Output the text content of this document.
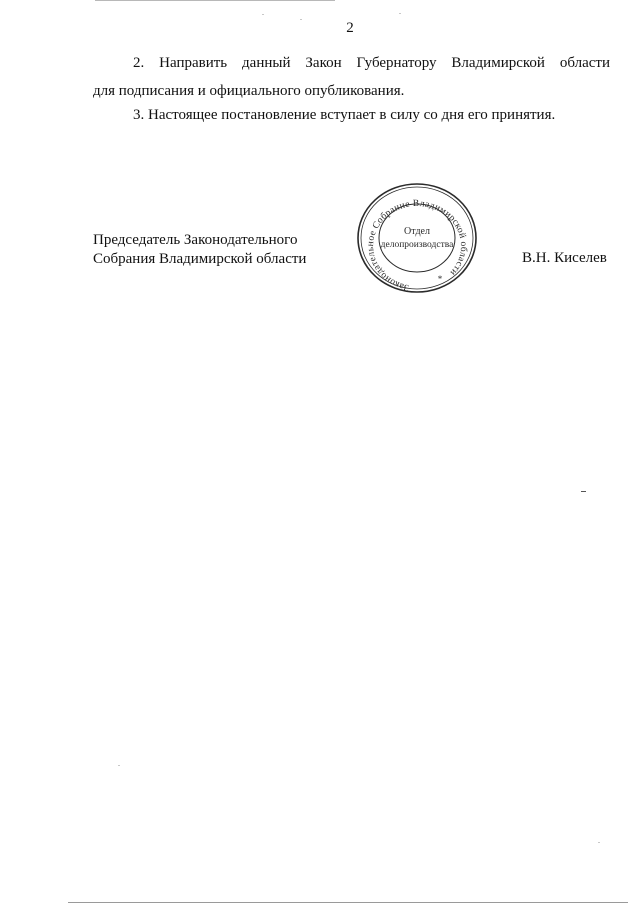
2
2. Направить данный Закон Губернатору Владимирской области
для подписания и официального опубликования.
3. Настоящее постановление вступает в силу со дня его принятия.
Председатель Законодательного
Собрания Владимирской области	В.Н. Киселев
Законодательное Собрание Владимирской области
Отдел
делопроизводства
*
